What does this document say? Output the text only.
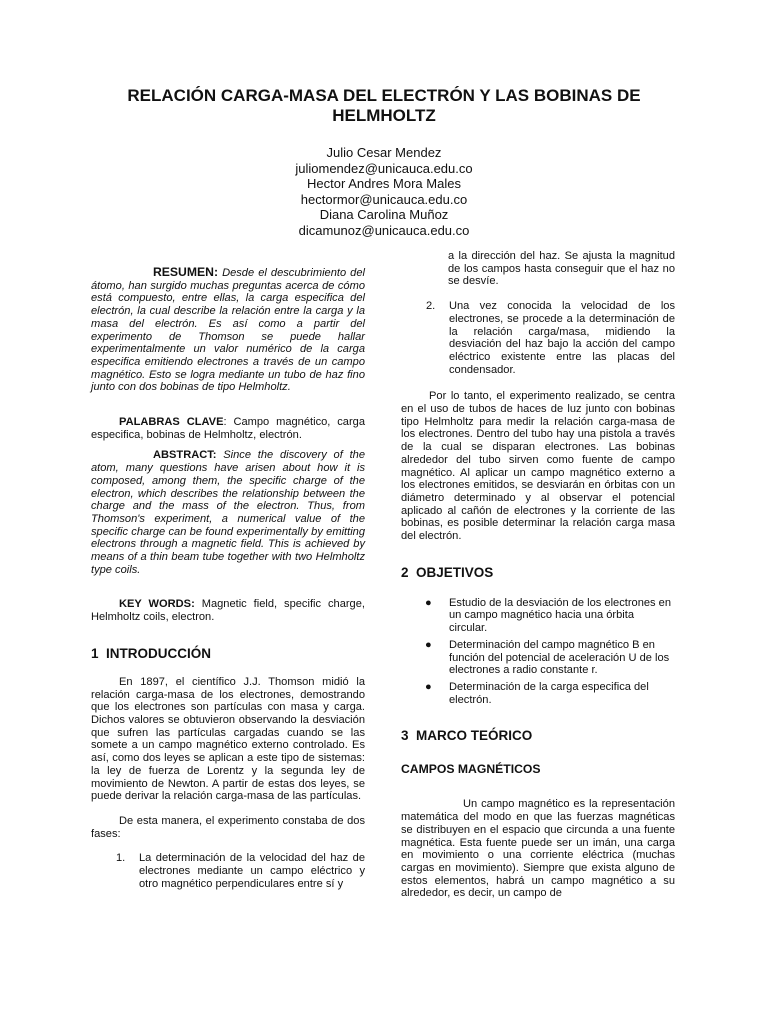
RELACIÓN CARGA-MASA DEL ELECTRÓN Y LAS BOBINAS DE HELMHOLTZ
Julio Cesar Mendez
juliomendez@unicauca.edu.co
Hector Andres Mora Males
hectormor@unicauca.edu.co
Diana Carolina Muñoz
dicamunoz@unicauca.edu.co

RESUMEN: Desde el descubrimiento del átomo, han surgido muchas preguntas acerca de cómo está compuesto, entre ellas, la carga especifica del electrón, la cual describe la relación entre la carga y la masa del electrón. Es así como a partir del experimento de Thomson se puede hallar experimentalmente un valor numérico de la carga especifica emitiendo electrones a través de un campo magnético. Esto se logra mediante un tubo de haz fino junto con dos bobinas de tipo Helmholtz.

PALABRAS CLAVE: Campo magnético, carga especifica, bobinas de Helmholtz, electrón.

ABSTRACT: Since the discovery of the atom, many questions have arisen about how it is composed, among them, the specific charge of the electron, which describes the relationship between the charge and the mass of the electron. Thus, from Thomson's experiment, a numerical value of the specific charge can be found experimentally by emitting electrons through a magnetic field. This is achieved by means of a thin beam tube together with two Helmholtz type coils.

KEY WORDS: Magnetic field, specific charge, Helmholtz coils, electron.

1 INTRODUCCIÓN

En 1897, el científico J.J. Thomson midió la relación carga-masa de los electrones, demostrando que los electrones son partículas con masa y carga. Dichos valores se obtuvieron observando la desviación que sufren las partículas cargadas cuando se las somete a un campo magnético externo controlado. Es así, como dos leyes se aplican a este tipo de sistemas: la ley de fuerza de Lorentz y la segunda ley de movimiento de Newton. A partir de estas dos leyes, se puede derivar la relación carga-masa de las partículas.

De esta manera, el experimento constaba de dos fases:

1.	La determinación de la velocidad del haz de electrones mediante un campo eléctrico y otro magnético perpendiculares entre sí y

a la dirección del haz. Se ajusta la magnitud de los campos hasta conseguir que el haz no se desvíe.

2.	Una vez conocida la velocidad de los electrones, se procede a la determinación de la relación carga/masa, midiendo la desviación del haz bajo la acción del campo eléctrico existente entre las placas del condensador.

Por lo tanto, el experimento realizado, se centra en el uso de tubos de haces de luz junto con bobinas tipo Helmholtz para medir la relación carga-masa de los electrones. Dentro del tubo hay una pistola a través de la cual se disparan electrones. Las bobinas alrededor del tubo sirven como fuente de campo magnético. Al aplicar un campo magnético externo a los electrones emitidos, se desviarán en órbitas con un diámetro determinado y al observar el potencial aplicado al cañón de electrones y la corriente de las bobinas, es posible determinar la relación carga masa del electrón.

2 OBJETIVOS
●	Estudio de la desviación de los electrones en un campo magnético hacia una órbita circular.
●	Determinación del campo magnético B en función del potencial de aceleración U de los electrones a radio constante r.
●	Determinación de la carga especifica del electrón.
3 MARCO TEÓRICO
CAMPOS MAGNÉTICOS

Un campo magnético es la representación matemática del modo en que las fuerzas magnéticas se distribuyen en el espacio que circunda a una fuente magnética. Esta fuente puede ser un imán, una carga en movimiento o una corriente eléctrica (muchas cargas en movimiento). Siempre que exista alguno de estos elementos, habrá un campo magnético a su alrededor, es decir, un campo de
